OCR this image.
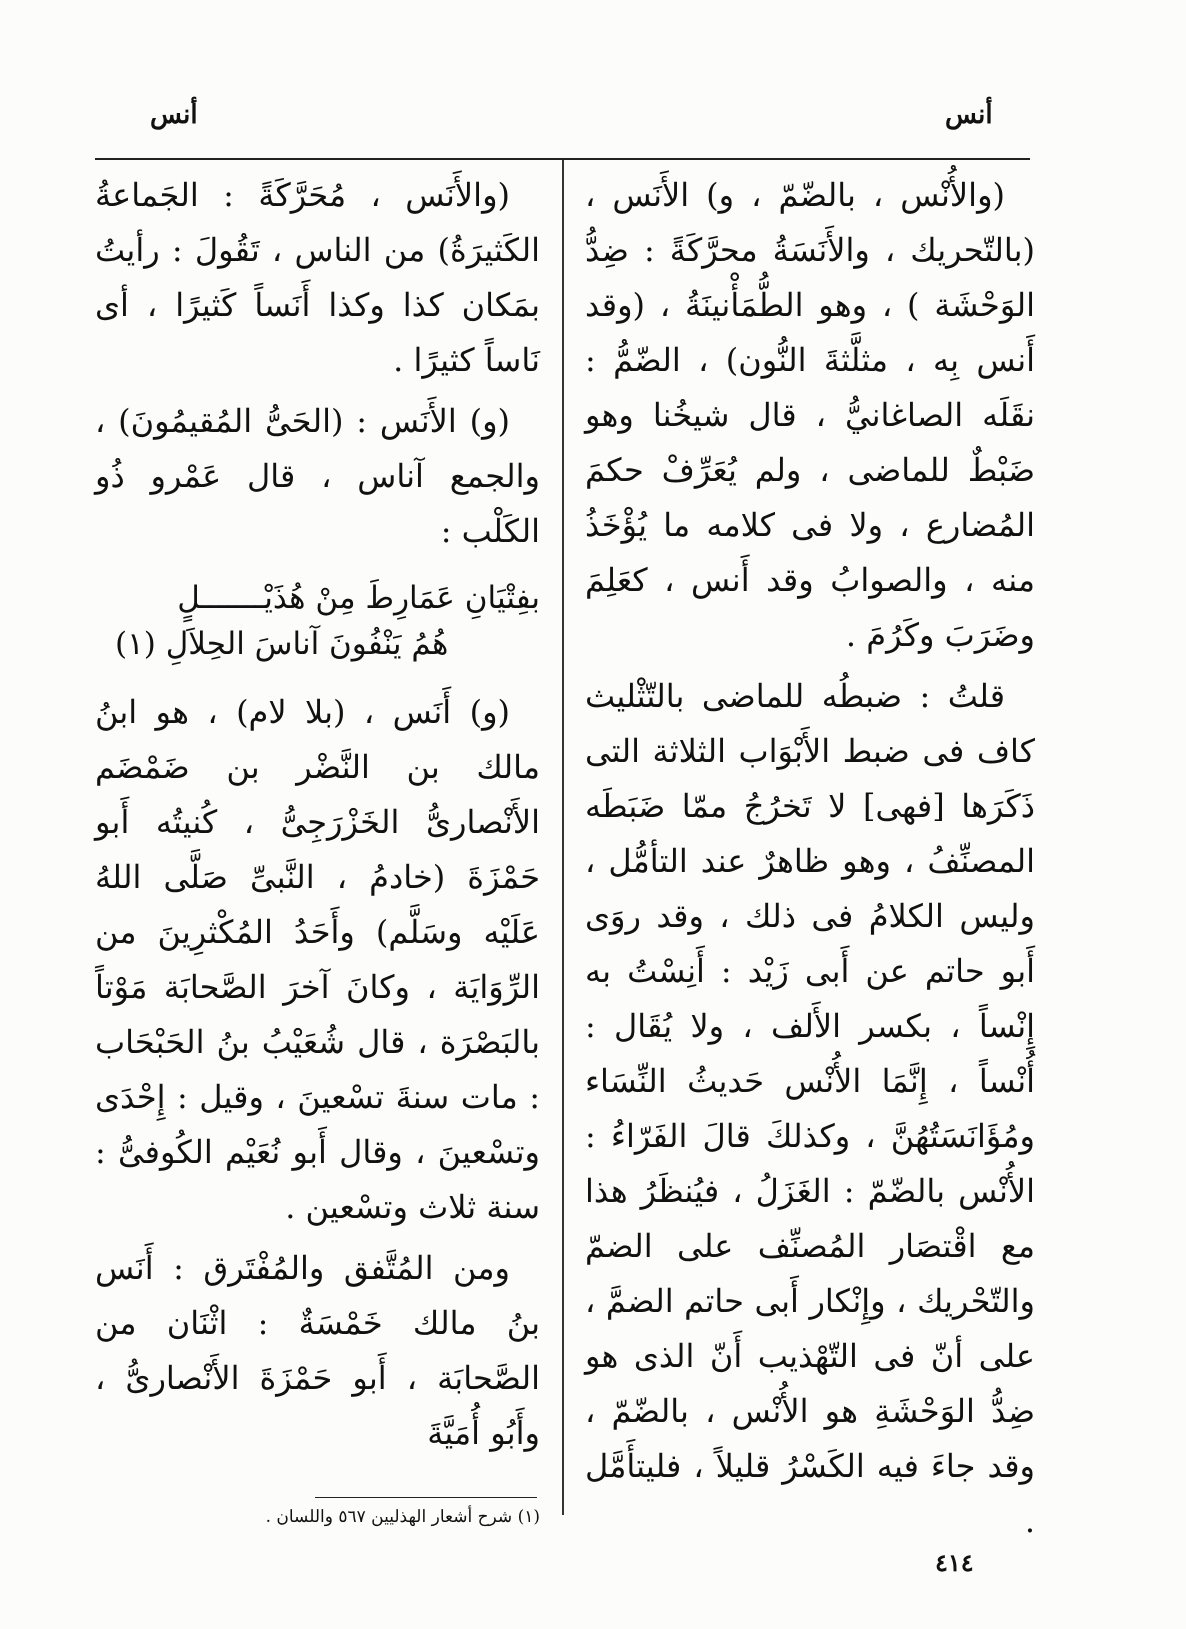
أنس	أنس

(والأُنْس ، بالضّمّ ، و) الأَنَس ، (بالتّحريك ، والأَنَسَةُ محرَّكَةً : ضِدُّ الوَحْشَة ) ، وهو الطُّمَأْنينَةُ ، (وقد أَنس بِه ، مثلَّثةَ النُّون) ، الضّمُّ : نقَلَه الصاغانيُّ ، قال شيخُنا وهو ضَبْطٌ للماضى ، ولم يُعَرِّفْ حكمَ المُضارع ، ولا فى كلامه ما يُؤْخَذُ منه ، والصوابُ وقد أَنس ، كعَلِمَ وضَرَبَ وكَرُمَ .

قلتُ : ضبطُه للماضى بالتّثْليث كاف فى ضبط الأَبْوَاب الثلاثة التى ذَكَرَها [فهى] لا تَخرُجُ ممّا ضَبَطَه المصنِّفُ ، وهو ظاهرٌ عند التأمُّل ، وليس الكلامُ فى ذلك ، وقد روَى أَبو حاتم عن أَبى زَيْد : أَنِسْتُ به إِنْساً ، بكسر الأَلف ، ولا يُقَال : أُنْساً ، إِنَّمَا الأُنْس حَديثُ النِّسَاء ومُؤَانَسَتُهُنَّ ، وكذلكَ قالَ الفَرّاءُ : الأُنْس بالضّمّ : الغَزَلُ ، فيُنظَرُ هذا مع اقْتصَار المُصنِّف على الضمّ والتّحْريك ، وإِنْكار أَبى حاتم الضمَّ ، على أنّ فى التّهْذيب أَنّ الذى هو ضِدُّ الوَحْشَةِ هو الأُنْس ، بالضّمّ ، وقد جاءَ فيه الكَسْرُ قليلاً ، فليتأَمَّل .

(والأَنَس ، مُحَرَّكَةً : الجَماعةُ الكَثيرَةُ) من الناس ، تَقُولَ : رأيتُ بمَكان كذا وكذا أَنَساً كَثيرًا ، أى نَاساً كثيرًا .

(و) الأَنَس : (الحَىُّ المُقيمُونَ) ، والجمع آناس ، قال عَمْرو ذُو الكَلْب :

بفِتْيَانِ عَمَارِطَ مِنْ هُذَيْـــــــلٍ
هُمُ يَنْفُونَ آناسَ الحِلاَلِ (١)

(و) أَنَس ، (بلا لام) ، هو ابنُ مالك بن النَّضْر بن ضَمْضَم الأَنْصارىُّ الخَزْرَجِىُّ ، كُنيتُه أَبو حَمْزَةَ (خادمُ ، النَّبىِّ صَلَّى اللهُ عَلَيْه وسَلَّم) وأَحَدُ المُكْثرِينَ من الرِّوَايَة ، وكانَ آخرَ الصَّحابَة مَوْتاً بالبَصْرَة ، قال شُعَيْبُ بنُ الحَبْحَاب : مات سنةَ تسْعينَ ، وقيل : إِحْدَى وتسْعينَ ، وقال أَبو نُعَيْم الكُوفىُّ : سنة ثلاث وتسْعين .

ومن المُتَّفق والمُفْتَرق : أَنَس بنُ مالك خَمْسَةٌ : اثْنَان من الصَّحابَة ، أَبو حَمْزَةَ الأَنْصارىُّ ، وأَبُو أُمَيَّةَ

(١) شرح أشعار الهذليين ٥٦٧ واللسان .
٤١٤
